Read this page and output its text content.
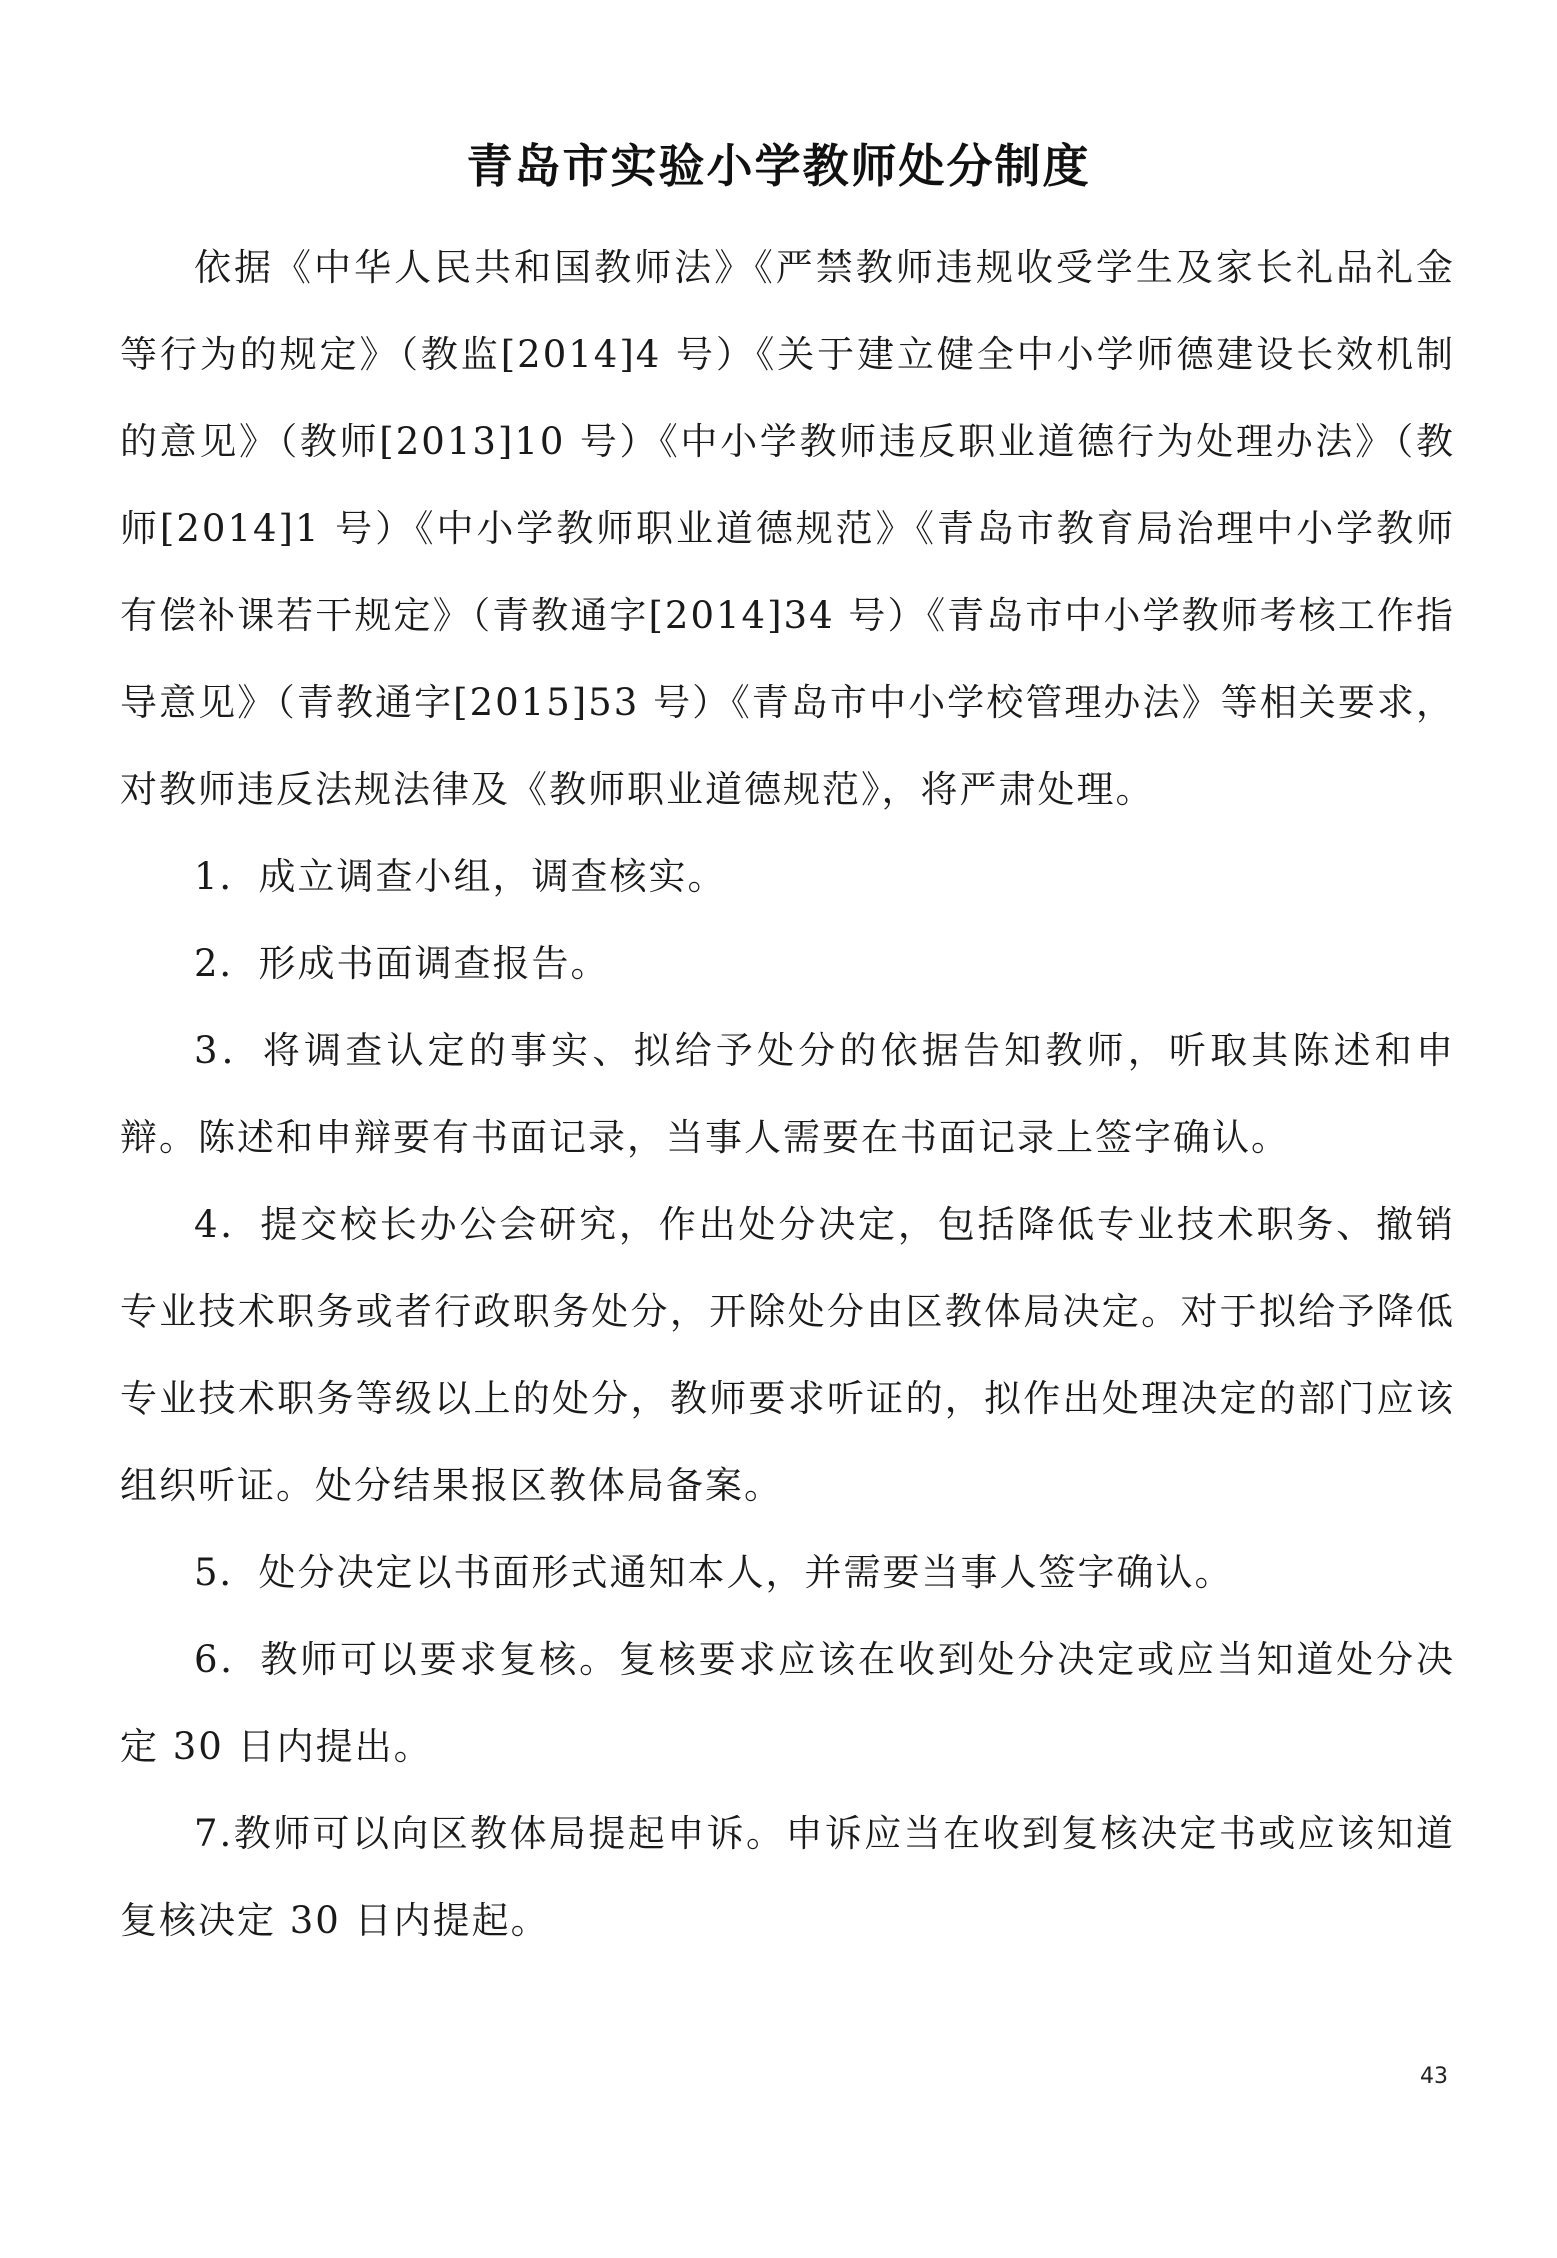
青岛市实验小学教师处分制度

依据《中华人民共和国教师法》《严禁教师违规收受学生及家长礼品礼金等行为的规定》（教监[2014]4 号）《关于建立健全中小学师德建设长效机制的意见》（教师[2013]10 号）《中小学教师违反职业道德行为处理办法》（教师[2014]1 号）《中小学教师职业道德规范》《青岛市教育局治理中小学教师有偿补课若干规定》（青教通字[2014]34 号）《青岛市中小学教师考核工作指导意见》（青教通字[2015]53 号）《青岛市中小学校管理办法》等相关要求，对教师违反法规法律及《教师职业道德规范》，将严肃处理。

1．成立调查小组，调查核实。

2．形成书面调查报告。

3．将调查认定的事实、拟给予处分的依据告知教师，听取其陈述和申辩。陈述和申辩要有书面记录，当事人需要在书面记录上签字确认。

4．提交校长办公会研究，作出处分决定，包括降低专业技术职务、撤销专业技术职务或者行政职务处分，开除处分由区教体局决定。对于拟给予降低专业技术职务等级以上的处分，教师要求听证的，拟作出处理决定的部门应该组织听证。处分结果报区教体局备案。

5．处分决定以书面形式通知本人，并需要当事人签字确认。

6．教师可以要求复核。复核要求应该在收到处分决定或应当知道处分决定 30 日内提出。

7.教师可以向区教体局提起申诉。申诉应当在收到复核决定书或应该知道复核决定 30 日内提起。

43
